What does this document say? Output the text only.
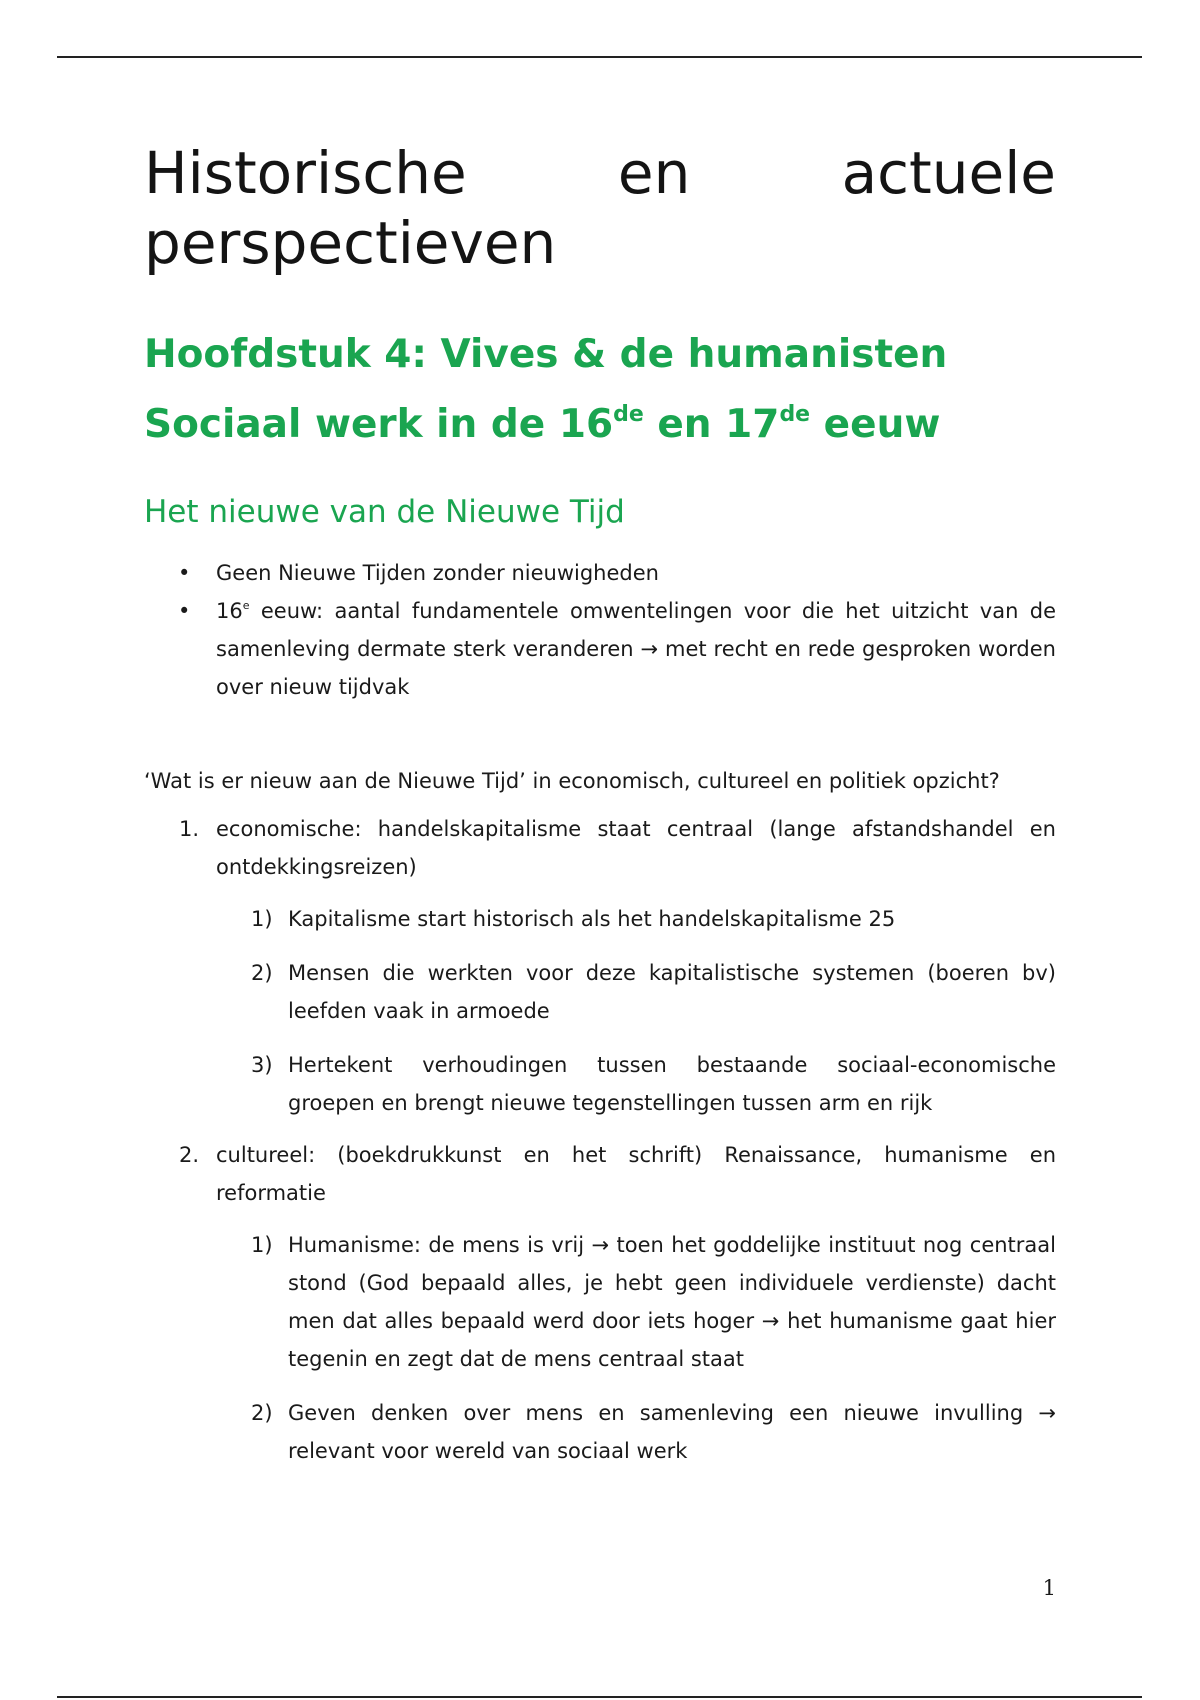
Historische en actuele perspectieven
Hoofdstuk 4: Vives & de humanisten
Sociaal werk in de 16de en 17de eeuw
Het nieuwe van de Nieuwe Tijd
• Geen Nieuwe Tijden zonder nieuwigheden
• 16e eeuw: aantal fundamentele omwentelingen voor die het uitzicht van de samenleving dermate sterk veranderen → met recht en rede gesproken worden over nieuw tijdvak

‘Wat is er nieuw aan de Nieuwe Tijd’ in economisch, cultureel en politiek opzicht?

1. economische: handelskapitalisme staat centraal (lange afstandshandel en ontdekkingsreizen)
1) Kapitalisme start historisch als het handelskapitalisme 25
2) Mensen die werkten voor deze kapitalistische systemen (boeren bv) leefden vaak in armoede
3) Hertekent verhoudingen tussen bestaande sociaal-economische groepen en brengt nieuwe tegenstellingen tussen arm en rijk
2. cultureel: (boekdrukkunst en het schrift) Renaissance, humanisme en reformatie
1) Humanisme: de mens is vrij → toen het goddelijke instituut nog centraal stond (God bepaald alles, je hebt geen individuele verdienste) dacht men dat alles bepaald werd door iets hoger → het humanisme gaat hier tegenin en zegt dat de mens centraal staat
2) Geven denken over mens en samenleving een nieuwe invulling → relevant voor wereld van sociaal werk
1
